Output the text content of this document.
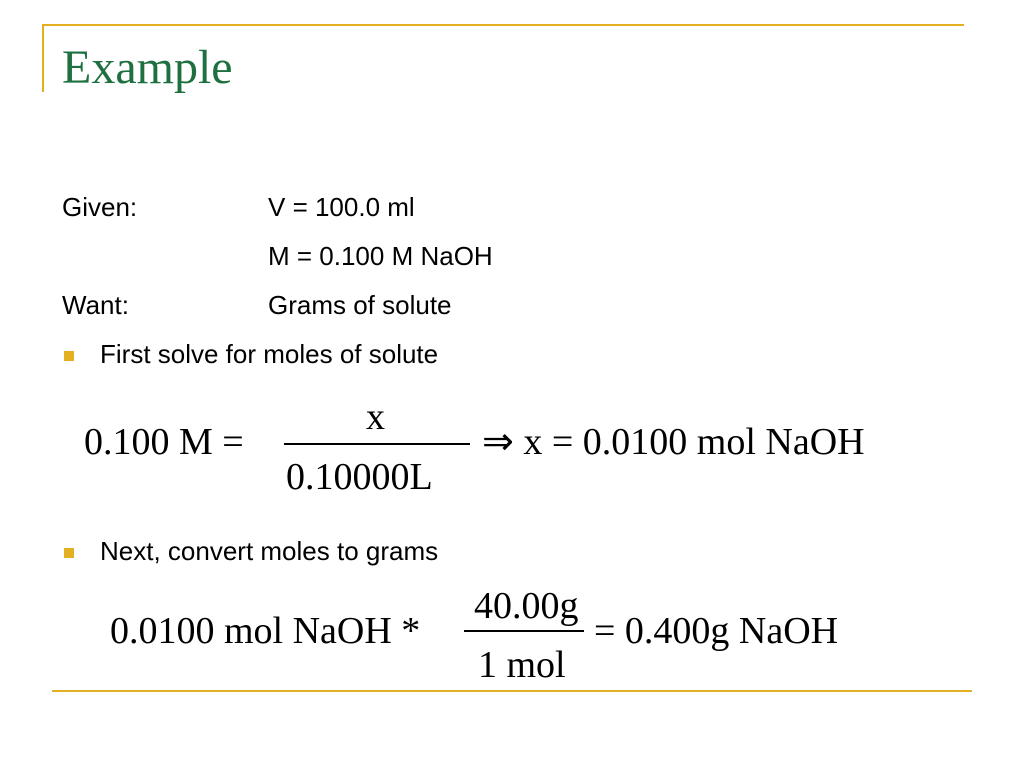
Example
Given:	V = 100.0 ml
M = 0.100 M NaOH
Want:	Grams of solute
First solve for moles of solute
0.100 M =
x
0.10000L
⇒ x = 0.0100 mol NaOH
Next, convert moles to grams
0.0100 mol NaOH *
40.00g
1 mol
= 0.400g NaOH
